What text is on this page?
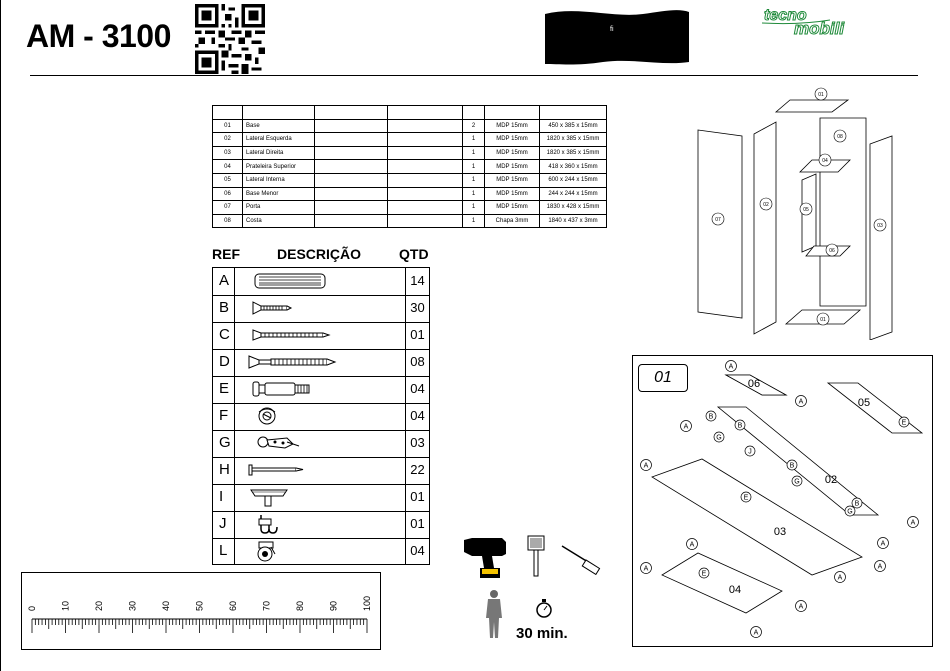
AM - 3100	fi
tecno
mobili

01	Base			2	MDP 15mm	450 x 385 x 15mm
02	Lateral Esquerda			1	MDP 15mm	1820 x 385 x 15mm
03	Lateral Direita			1	MDP 15mm	1820 x 385 x 15mm
04	Prateleira Superior			1	MDP 15mm	418 x 360 x 15mm
05	Lateral Interna			1	MDP 15mm	600 x 244 x 15mm
06	Base Menor			1	MDP 15mm	244 x 244 x 15mm
07	Porta			1	MDP 15mm	1830 x 428 x 15mm
08	Costa			1	Chapa 3mm	1840 x 437 x 3mm
REF	DESCRIÇÃO	QTD
A	14
B	30
C	01
D	08
E	04
F	04
G	03
H	22
I	01
J	01
L	04
0	10	20	30	40	50	60	70	80	90	100
30 min.
01
08
04
05
02
06
03
07
01
01	06
05
02
03
04
A
A
A
A
B
G
B
J
B
G
B
G
E
E
E
A
A
A
A
A
A
A
A
